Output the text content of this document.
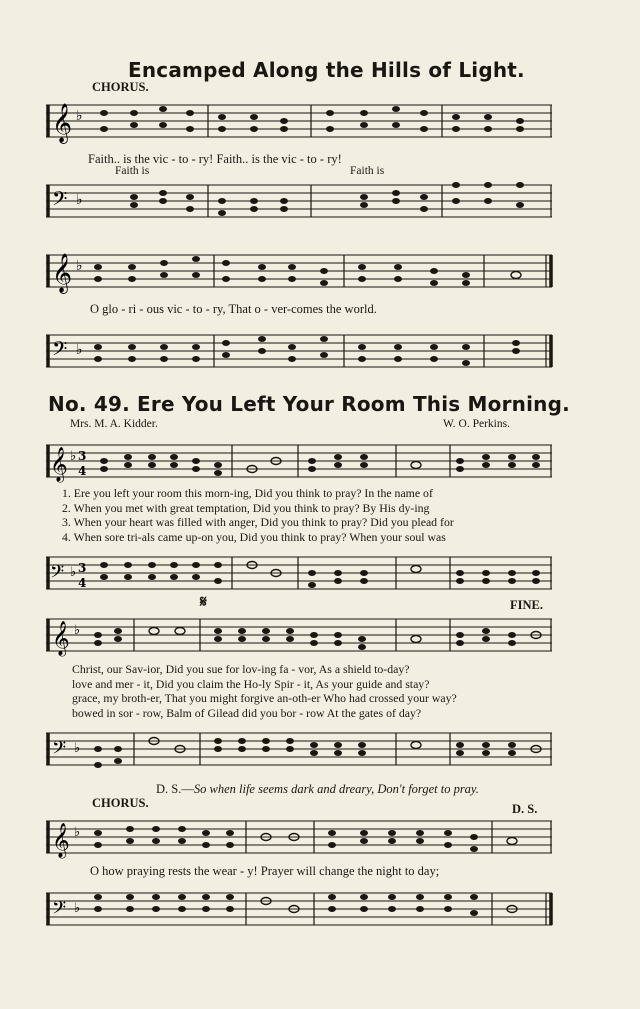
Encamped Along the Hills of Light.
CHORUS.
𝄞 ♭
Faith.. is the vic - to - ry! Faith.. is the vic - to - ry!
Faith is	Faith is
𝄢 ♭
𝄞 ♭
O glo - ri - ous vic - to - ry, That o - ver-comes the world.
𝄢 ♭
No. 49. Ere You Left Your Room This Morning.
Mrs. M. A. Kidder.	W. O. Perkins.
𝄞 ♭ 3
4
1. Ere you left your room this morn-ing, Did you think to pray? In the name of
2. When you met with great temptation, Did you think to pray? By His dy-ing
3. When your heart was filled with anger, Did you think to pray? Did you plead for
4. When sore tri-als came up-on you, Did you think to pray? When your soul was
𝄢 ♭ 3
4
𝄋	FINE.
𝄞 ♭
Christ, our Sav-ior, Did you sue for lov-ing fa - vor, As a shield to-day?
love and mer - it, Did you claim the Ho-ly Spir - it, As your guide and stay?
grace, my broth-er, That you might forgive an-oth-er Who had crossed your way?
bowed in sor - row, Balm of Gilead did you bor - row At the gates of day?
𝄢 ♭
D. S.—So when life seems dark and dreary, Don't forget to pray.
CHORUS.	D. S.
𝄞 ♭
O how praying rests the wear - y! Prayer will change the night to day;
𝄢 ♭
